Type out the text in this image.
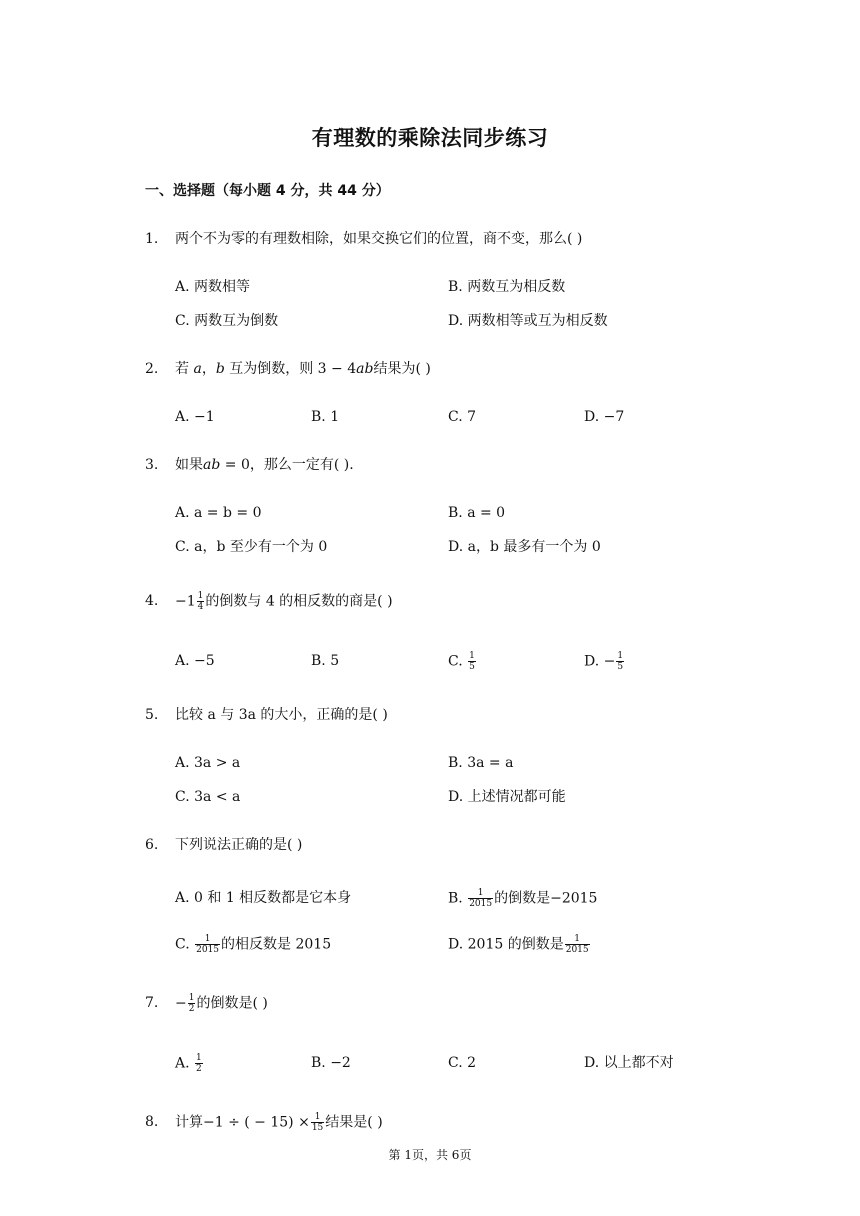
有理数的乘除法同步练习
一、选择题（每小题 4 分，共 44 分）
1. 两个不为零的有理数相除，如果交换它们的位置，商不变，那么( )
A. 两数相等	B. 两数互为相反数
C. 两数互为倒数	D. 两数相等或互为相反数
2. 若 a，b 互为倒数，则 3 − 4ab结果为( )
A. −1	B. 1	C. 7	D. −7
3. 如果ab = 0，那么一定有( ).
A. a = b = 0	B. a = 0
C. a，b 至少有一个为 0	D. a，b 最多有一个为 0
4. $-1 \frac{1}{4}$ 的倒数与 4 的相反数的商是( )
A. −5	B. 5	C. $\frac{1}{5}$	D. − $\frac{1}{5}$
5. 比较 a 与 3a 的大小，正确的是( )
A. 3a > a	B. 3a = a
C. 3a < a	D. 上述情况都可能
6. 下列说法正确的是( )
A. 0 和 1 相反数都是它本身	B. $\frac{1}{2015}$ 的倒数是−2015
C. $\frac{1}{2015}$ 的相反数是 2015	D. 2015 的倒数是 $\frac{1}{2015}$
7. − $\frac{1}{2}$ 的倒数是( )
A. $\frac{1}{2}$	B. −2	C. 2	D. 以上都不对
8. 计算−1 ÷ ( − $15) \times \frac{1}{15}$ 结果是( )
第 1页，共 6页
